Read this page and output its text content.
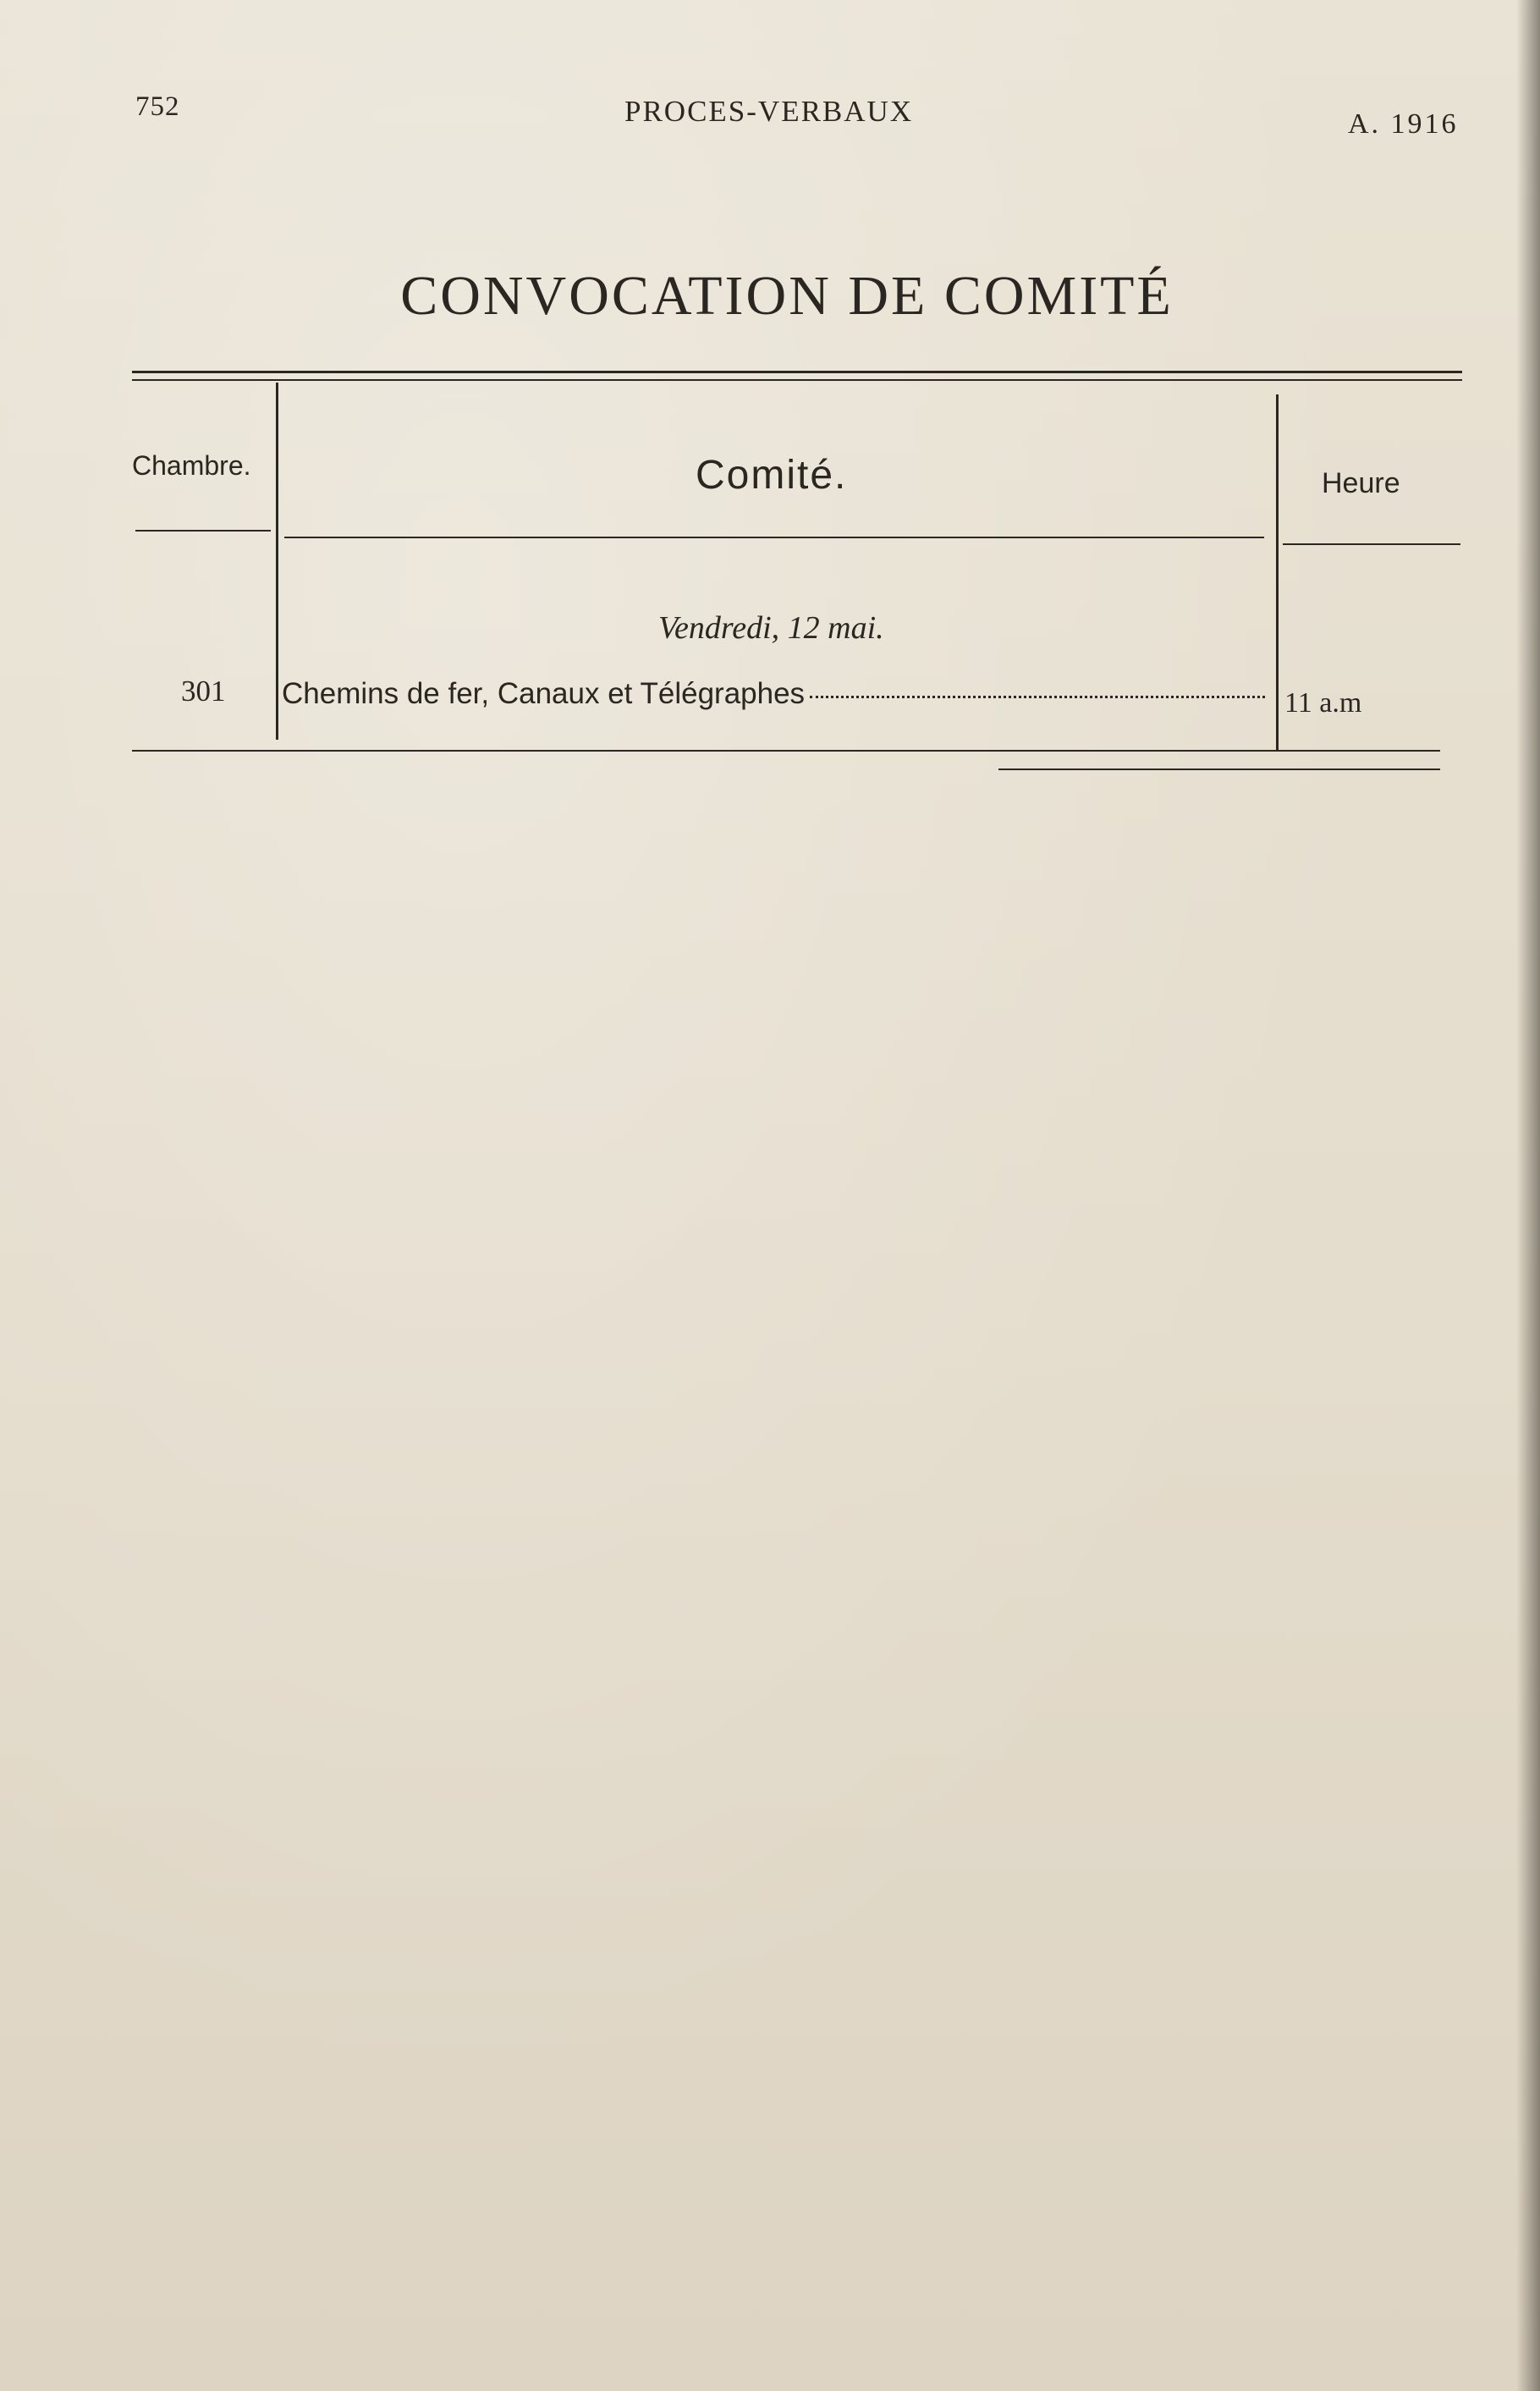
752	PROCES-VERBAUX	A. 1916
CONVOCATION DE COMITÉ
Chambre.	Comité.	Heure
Vendredi, 12 mai.
301 Chemins de fer, Canaux et Télégraphes	11 a.m
